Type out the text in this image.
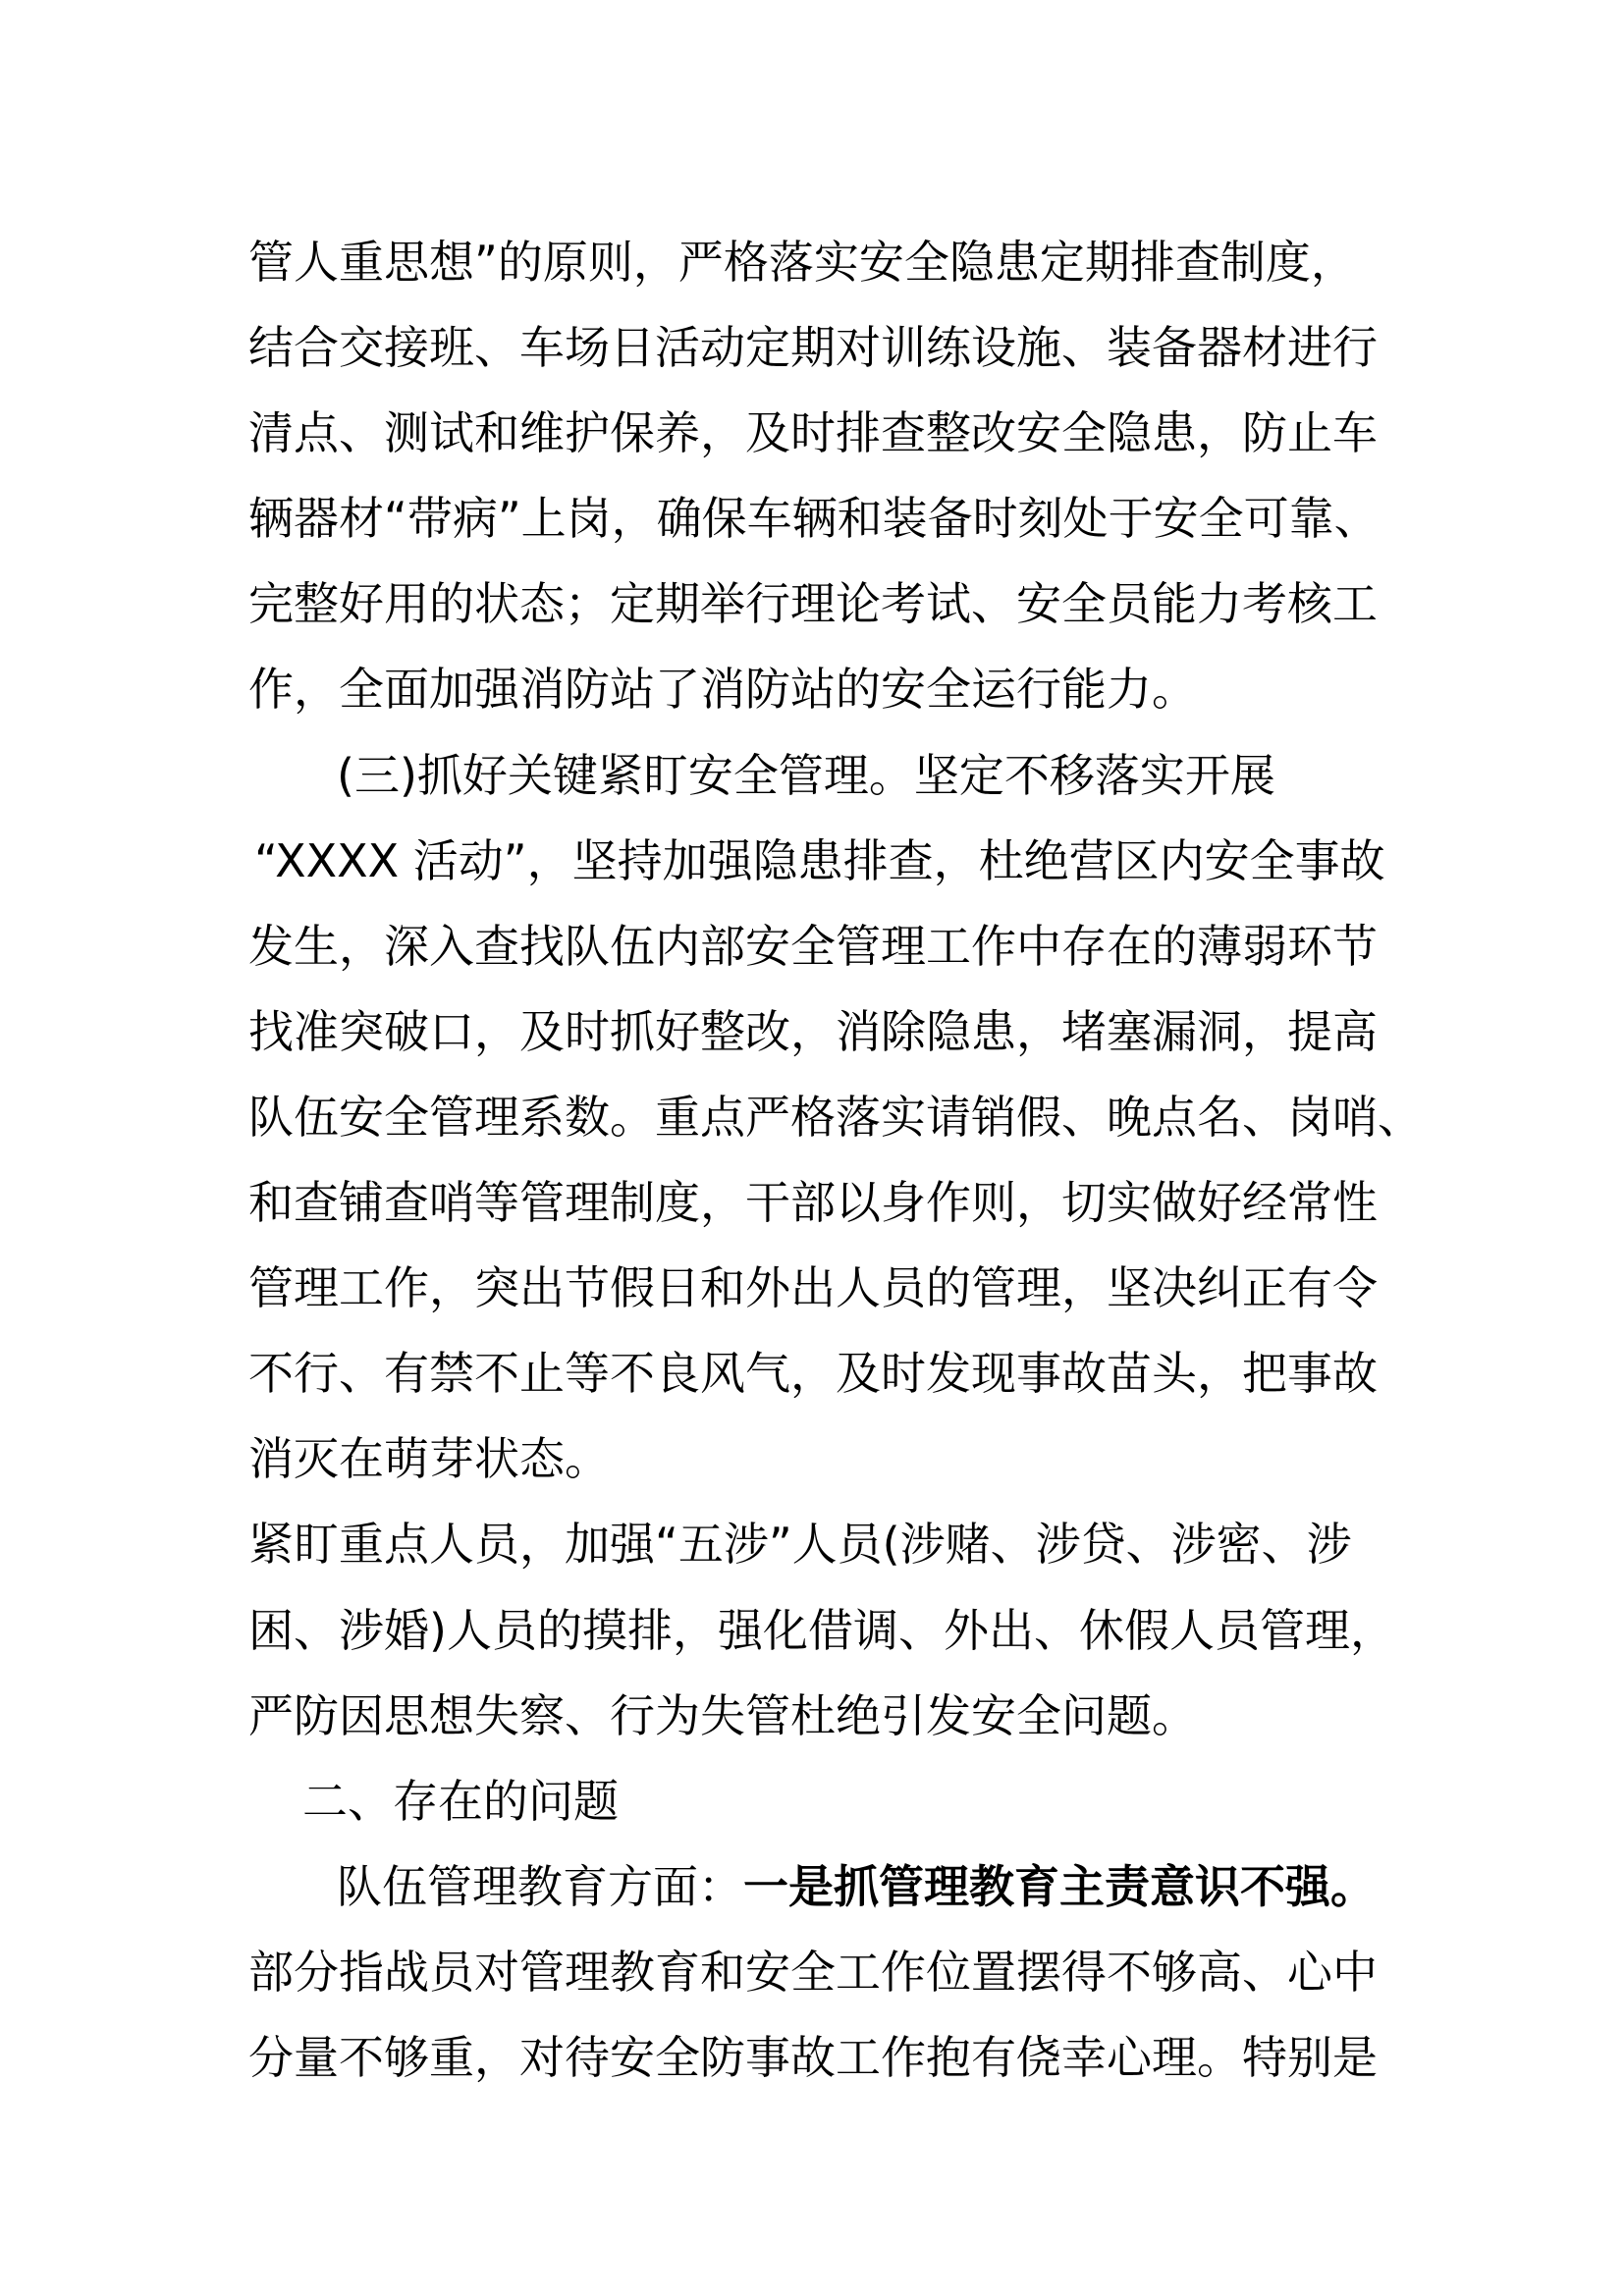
管人重思想”的原则，严格落实安全隐患定期排查制度，
结合交接班、车场日活动定期对训练设施、装备器材进行
清点、测试和维护保养，及时排查整改安全隐患，防止车
辆器材“带病”上岗，确保车辆和装备时刻处于安全可靠、
完整好用的状态；定期举行理论考试、安全员能力考核工
作，全面加强消防站了消防站的安全运行能力。
(三)抓好关键紧盯安全管理。坚定不移落实开展
“XXXX 活动”，坚持加强隐患排查，杜绝营区内安全事故
发生，深入查找队伍内部安全管理工作中存在的薄弱环节
找准突破口，及时抓好整改，消除隐患，堵塞漏洞，提高
队伍安全管理系数。重点严格落实请销假、晚点名、岗哨、
和查铺查哨等管理制度，干部以身作则，切实做好经常性
管理工作，突出节假日和外出人员的管理，坚决纠正有令
不行、有禁不止等不良风气，及时发现事故苗头，把事故
消灭在萌芽状态。
紧盯重点人员，加强“五涉”人员(涉赌、涉贷、涉密、涉
困、涉婚)人员的摸排，强化借调、外出、休假人员管理，
严防因思想失察、行为失管杜绝引发安全问题。
二、存在的问题
队伍管理教育方面：一是抓管理教育主责意识不强。
部分指战员对管理教育和安全工作位置摆得不够高、心中
分量不够重，对待安全防事故工作抱有侥幸心理。特别是
